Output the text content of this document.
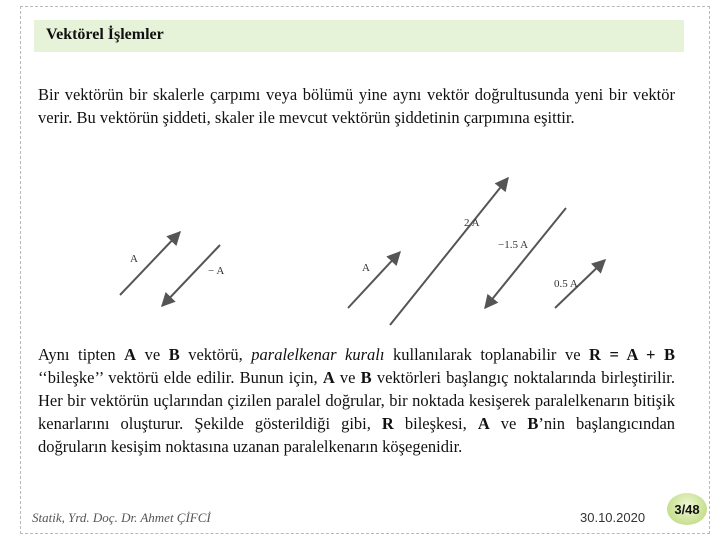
Vektörel İşlemler
Bir vektörün bir skalerle çarpımı veya bölümü yine aynı vektör doğrultusunda yeni bir vektör verir. Bu vektörün şiddeti, skaler ile mevcut vektörün şiddetinin çarpımına eşittir.
A
− A	A
2 A
−1.5 A
0.5 A
Aynı tipten A ve B vektörü, paralelkenar kuralı kullanılarak toplanabilir ve R = A + B ‘‘bileşke’’ vektörü elde edilir. Bunun için, A ve B vektörleri başlangıç noktalarında birleştirilir. Her bir vektörün uçlarından çizilen paralel doğrular, bir noktada kesişerek paralelkenarın bitişik kenarlarını oluşturur. Şekilde gösterildiği gibi, R bileşkesi, A ve B’nin başlangıcından doğruların kesişim noktasına uzanan paralelkenarın köşegenidir.
Statik, Yrd. Doç. Dr. Ahmet ÇİFCİ	30.10.2020
3/48
